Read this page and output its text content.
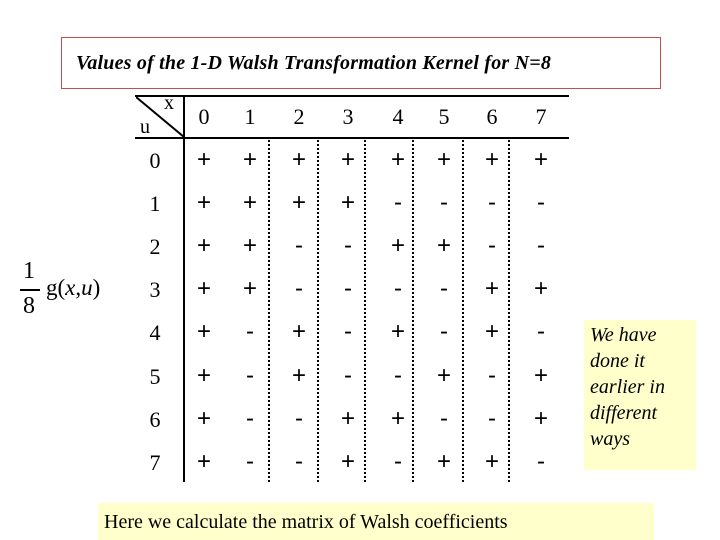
Values of the 1-D Walsh Transformation Kernel for N=8
1
8
g(x,u)
u
x
0	1	2	3	4	5	6	7
0	+	+	+	+	+	+	+	+
1	+	+	+	+	-	-	-	-
2	+	+	-	-	+	+	-	-
3	+	+	-	-	-	-	+	+
4	+	-	+	-	+	-	+	-
5	+	-	+	-	-	+	-	+
6	+	-	-	+	+	-	-	+
7	+	-	-	+	-	+	+	-
We have
done it
earlier in
different
ways
Here we calculate the matrix of Walsh coefficients
